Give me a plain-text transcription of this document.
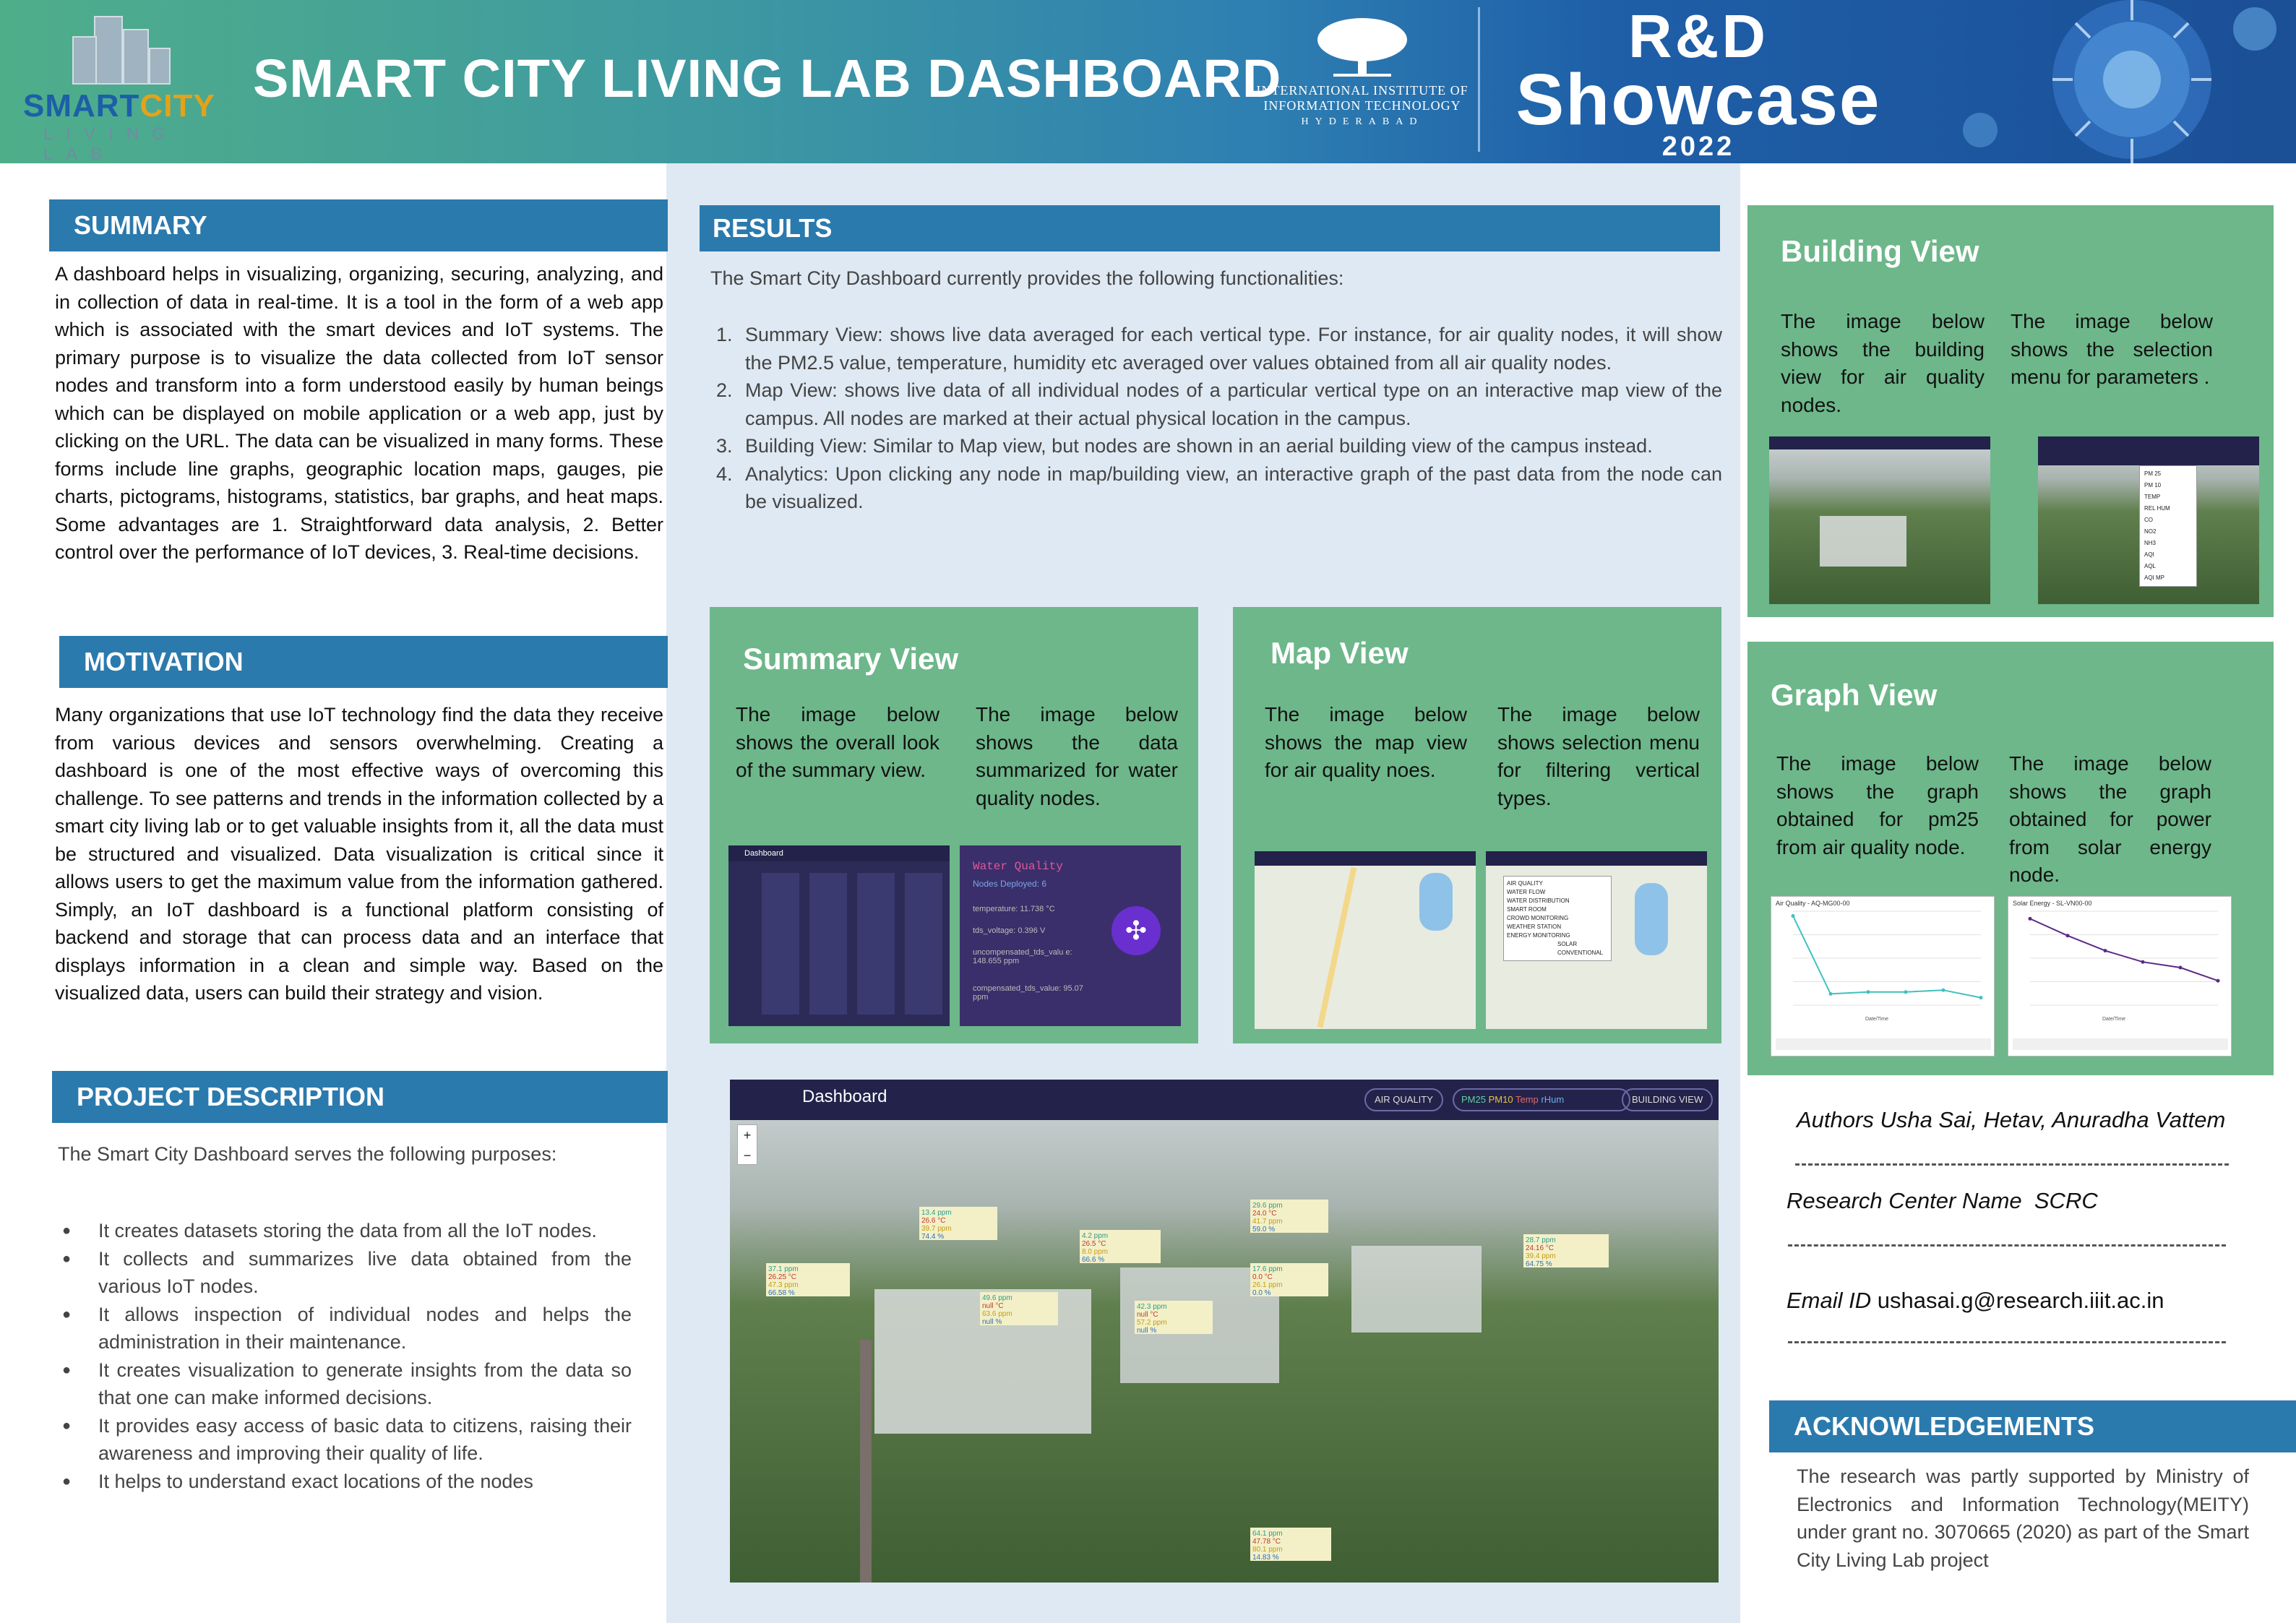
SMARTCITY
LIVING LAB
SMART CITY LIVING LAB DASHBOARD
INTERNATIONAL INSTITUTE OF
INFORMATION TECHNOLOGY
HYDERABAD
R&D
Showcase
2022
SUMMARY
A dashboard helps in visualizing, organizing, securing, analyzing, and in collection of data in real-time. It is a tool in the form of a web app which is associated with the smart devices and IoT systems. The primary purpose is to visualize the data collected from IoT sensor nodes and transform into a form understood easily by human beings which can be displayed on mobile application or a web app, just by clicking on the URL. The data can be visualized in many forms. These forms include line graphs, geographic location maps, gauges, pie charts, pictograms, histograms, statistics, bar graphs, and heat maps. Some advantages are 1. Straightforward data analysis, 2. Better control over the performance of IoT devices, 3. Real-time decisions.
MOTIVATION
Many organizations that use IoT technology find the data they receive from various devices and sensors overwhelming. Creating a dashboard is one of the most effective ways of overcoming this challenge. To see patterns and trends in the information collected by a smart city living lab or to get valuable insights from it, all the data must be structured and visualized. Data visualization is critical since it allows users to get the maximum value from the information gathered. Simply, an IoT dashboard is a functional platform consisting of backend and storage that can process data and an interface that displays information in a clean and simple way. Based on the visualized data, users can build their strategy and vision.
PROJECT DESCRIPTION
The Smart City Dashboard serves the following purposes:
● It creates datasets storing the data from all the IoT nodes.
● It collects and summarizes live data obtained from the various IoT nodes.
● It allows inspection of individual nodes and helps the administration in their maintenance.
● It creates visualization to generate insights from the data so that one can make informed decisions.
● It provides easy access of basic data to citizens, raising their awareness and improving their quality of life.
● It helps to understand exact locations of the nodes
RESULTS
The Smart City Dashboard currently provides the following functionalities:
1. Summary View: shows live data averaged for each vertical type. For instance, for air quality nodes, it will show the PM2.5 value, temperature, humidity etc averaged over values obtained from all air quality nodes.
2. Map View: shows live data of all individual nodes of a particular vertical type on an interactive map view of the campus. All nodes are marked at their actual physical location in the campus.
3. Building View: Similar to Map view, but nodes are shown in an aerial building view of the campus instead.
4. Analytics: Upon clicking any node in map/building view, an interactive graph of the past data from the node can be visualized.
Summary View
The image below shows the overall look of the summary view.
The image below shows the data summarized for water quality nodes.
Dashboard
Water Quality
Nodes Deployed: 6
temperature: 11.738 °C
tds_voltage: 0.396 V
uncompensated_tds_valu e: 148.655 ppm
compensated_tds_value: 95.07 ppm
✣
Map View
The image below shows the map view for air quality noes.
The image below shows selection menu for filtering vertical types.
AIR QUALITY
WATER FLOW
WATER DISTRIBUTION
SMART ROOM
CROWD MONITORING
WEATHER STATION
ENERGY MONITORING
SOLAR
CONVENTIONAL
Dashboard	AIR QUALITY	PM25 PM10 Temp rHum	BUILDING VIEW
+
−
13.4 ppm
26.6 °C
39.7 ppm
74.4 %	4.2 ppm
26.5 °C
8.0 ppm
66.6 %
29.6 ppm
24.0 °C
41.7 ppm
59.0 %
28.7 ppm
24.16 °C
39.4 ppm
64.75 %
37.1 ppm
26.25 °C
47.3 ppm
66.58 %
17.6 ppm
0.0 °C
26.1 ppm
0.0 %
49.6 ppm
null °C
63.6 ppm
null %
42.3 ppm
null °C
57.2 ppm
null %
64.1 ppm
47.78 °C
80.1 ppm
14.83 %
Building View
The image below shows the building view for air quality nodes.
The image below shows the selection menu for parameters .
PM 25
PM 10
TEMP
REL HUM
CO
NO2
NH3
AQI
AQL
AQI MP
Graph View
The image below shows the graph obtained for pm25 from air quality node.
The image below shows the graph obtained for power from solar energy node.
Air Quality - AQ-MG00-00
Date/Time
Solar Energy - SL-VN00-00
Date/Time
Authors Usha Sai, Hetav, Anuradha Vattem
Research Center Name SCRC
Email ID ushasai.g@research.iiit.ac.in
ACKNOWLEDGEMENTS
The research was partly supported by Ministry of Electronics and Information Technology(MEITY) under grant no. 3070665 (2020) as part of the Smart City Living Lab project
